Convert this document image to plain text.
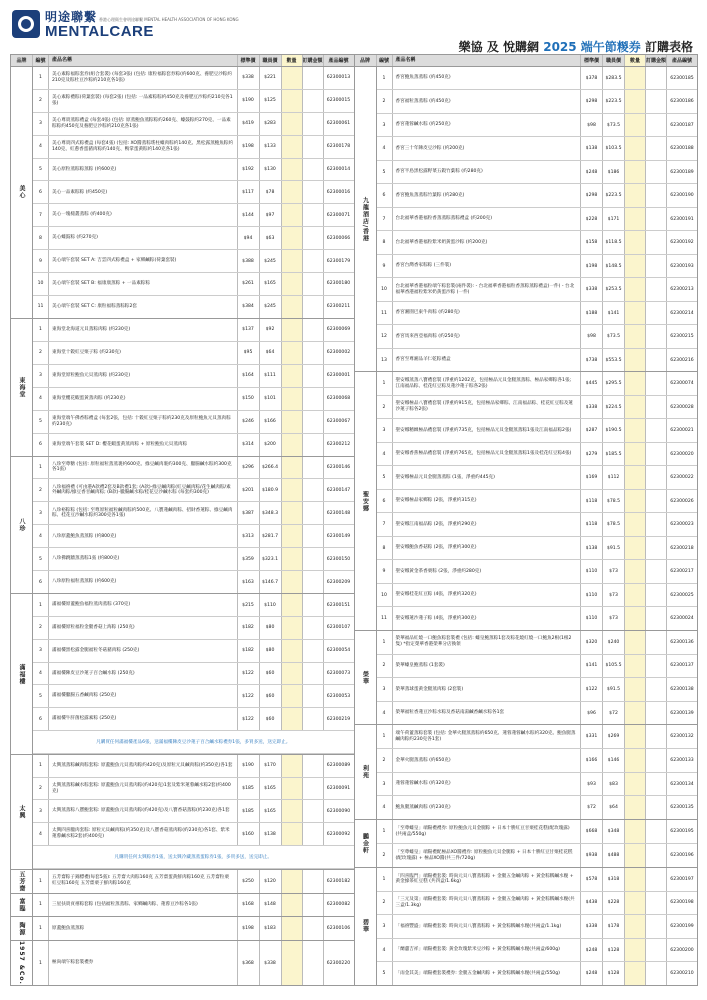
明途聯繫 香港心理衛生會明途聯繫 MENTAL HEALTH ASSOCIATION OF HONG KONG
MENTALCARE
樂協 及 悅購網 2025 端午節糉券 訂購表格
品牌	編號	產品名稱	標準價	職員價	數量	訂購金額	產品編號
美心
1
美心素粽福粽套券(組合套裝) (每套3張) (包括: 康粒福粽套券粽(約600克、養肥豆沙粽約210克及粽杜豆沙粽約210克各1張)	$338	$221	62300013
2
美心素粽禮粽(荷葉套裝) (每套2張) (包括: 一品素粽粽約450克及養肥豆沙粽約210克各1張)	$190	$125	62300015
3
美心尊貴蒸粽禮盒 (每套4張) (包括: 原蒸鮑魚蒸粽粽約260克、蠔鼓粽約270克、一品素粽粽約450克及養肥豆沙粽約210克各1張)	$419	$283	62300061
4
美心尊貴四式粽禮盒 (每套4張) (包括: XO醬蒸粽瑤柱蠔肉粽約140克、黑松露蒸鮑魚粽約140克、紅蔥香蛋豬肉粽約140克、鴨掌蛋黃粽約140克各1張)	$198	$133	62300178
5	美心原粒蒸粽粽蒸粽 (約600克)	$192	$130	62300014
6	美心一品素粽粽 (約450克)	$117	$78	62300016
7	美心一塊槌叢蒸粽 (約400克)	$144	$97	62300071
8	美心蠔鼓粽 (約270克)	$94	$63	62300066
9	美心端午套裝 SET A: 吉雲四式粽禮盒 + 家鄉鹹粽(荷葉套裝)	$388	$245	62300179
10	美心端午套裝 SET B: 福康康蒸粽 + 一品素粽粽	$261	$165	62300180
11	美心端午套裝 SET C: 康粒福粽蒸粽粽2套	$384	$245	62300211
東海堂
1	東海堂北海道元貝蒸粽肉粽 (約230克)	$137	$92	62300069
2	東海堂十穀紅豆栗子粽 (約230克)	$95	$64	62300002
3	東海堂原粒鮑魚元貝蒸肉粽 (約230克)	$164	$111	62300001
4	東海堂櫻花蝦蛋黃蒸肉粽 (約230克)	$150	$101	62300068
5
東海堂端午佛香粽禮盒 (每套2張，包括: 十穀紅豆栗子粽約230克及原粒鮑魚元貝蒸肉粽約230克)	$246	$166	62300067
6	東海堂端午套裝 SET D: 櫻花蝦蛋黃蒸肉粽 + 原粒鮑魚元貝蒸肉粽	$314	$200	62300212
八珍
1
八珍至尊糖 (包括: 原粒福粒蒸蒸裹約600克、綠豆鹹肉裹約300克、臘腸鹹水粽約300克各1張)	$296	$266.4	62300146
2
八珍福禧禮 (可由港A款禮2套及B款禮1套; (A款)-綠豆鹹肉粽(紅豆鹹肉粽/花生鹹肉粽/素外鹹肉粽/綠豆香甘鹹肉粽; (B款)-臘腸鹹水粽/桂花豆沙鹹水粽 (每套約300克)	$201	$180.9	62300147
3
八珍裕粽粽 (包括: 至尊原粒福粒鹹肉粽約500克、八寶蓮鹹肉粽、招財香蓮粽、綠豆鹹肉粽、桂花豆沙鹹水粽約300克各1張)	$387	$348.3	62300148
4	八珍原蓋鮑魚蒸蒸粽 (約800克)	$313	$281.7	62300149
5	八珍佛跳牆蒸蒸粽1張 (約800克)	$359	$323.1	62300150
6	八珍原粒福粒蒸蒸粽 (約600克)	$163	$146.7	62300209
滿福樓
1	滿福樓原蓋鮑魚福粒蒸肉蒸粽 (370克)	$215	$110	62300151
2	滿福樓原粒福粒金腿香菇上海粽 (250克)	$182	$80	62300107
3	滿福樓黑松露金腿福粒冬菇豬肉粽 (250克)	$182	$80	62300054
4	滿福樓陳皮豆沙蓮子百合鹹水粽 (250克)	$122	$60	62300073
5	滿福樓臘腸五香鹹肉粽 (250克)	$122	$60	62300053
6	滿福樓牛肝菌松露素粽 (250克)	$122	$60	62300219
凡購買任何滿福樓產品6張，送滿福樓陳皮豆沙蓮子百合鹹水粽禮券1張，多買多送，送完即止。
太興
1	太興蒸蒸粽鹹肉粽套粽: 原蓋鮑魚元貝蒸肉粽約420克)及原粒元貝鹹肉粽(約350克)各1套	$190	$170	62300089
2
太興蒸蒸粽鹹水粽套粽: 原蓋鮑魚元貝蒸肉粽(約420克)1套及紫米蓮蓉鹹水粽2套(約400克)	$185	$165	62300091
3	太興蒸蒸粽八寶鮑套粽: 原蓋鮑魚元貝蒸肉粽(約420克)及八寶香菇蒸粽(約230克)各1套	$185	$165	62300090
4
太興四喜臘肉套粽: 原粒元貝鹹肉粽(約350克)及八寶香菇蒸肉粽(約230克)各1套、紫米蓮蓉鹹水粽2套(約400克)	$160	$138	62300092
凡購買任何太興粽券1張，送太興冷藏蒸蒸蛋粽券1張，多買多送，送完即止。
五芳齋	1
五芳齋粽子錦標禮(每套5張): 五芳齋大肉粽160克 五芳齋蛋黃鮮肉粽160克 五芳齋粒栗紅豆粽160克 五芳齋栗子鮮肉粽160克	$250	$120	62300182
富臨	1	三星扶貴貢禧粽套粽 (包括福粒蒸蒸粽、家鄉鹹肉粽、蓮蓉豆沙粽各1張)	$168	$148	62300082
陶源	1	原蓋鮑魚蒸蒸粽	$198	$183	62300106
1957 &Co.	1	極尚端午粽套裝禮券	$368	$338	62300220
品牌	編號	產品名稱	標準價	職員價	數量	訂購金額	產品編號
九龍酒店/香港
1	香宮鮑魚蒸蒸粽 (約450克)	$378	$283.5	62300185
2	香宮福粒蒸蒸粽 (約450克)	$298	$223.5	62300186
3	香宮蓮蓉鹹水粽 (約250克)	$98	$73.5	62300187
4	香宮三十年陳皮豆沙粽 (約200克)	$138	$103.5	62300188
5	香宮半島黑松露野菜五穀竹葉粽 (約280克)	$248	$186	62300189
6	香宮鮑魚蒸蒸粽竹葉粽 (約280克)	$298	$223.5	62300190
7	台北福華香港福粒香蒸蒸粽蒸粽禮盒 (約200克)	$228	$171	62300191
8	台北福華香港福粒紫米奶黃蛋沙粽 (約200克)	$158	$118.5	62300192
9	香宮台灣香家粽粽 (三件裝)	$198	$148.5	62300193
10
台北福華香港福粒端午粽套裝(兩件裝): - 台北福華香港福粒香蒸粽蒸粽禮盒(一件) - 台北福華香港福粒紫米奶黃蛋沙粽 (一件)	$338	$253.5	62300213
11	香宮湘園巴東牛肉粽 (約280克)	$188	$141	62300214
12	香宮馬來西亞福肉粽 (約250克)	$98	$73.5	62300215
13	香宮至尊湘品羊仁乾粽禮盒	$738	$553.5	62300216
聖安娜
1
聖安娜蒸蒸八寶禮套裝 (淨重約1202克，包括極品元貝金腿蒸蒸粽、極品家鄉粽各1張；江南福品粽、桂花紅豆粽及蓮沙蓮子粽各2張)	$445	$295.5	62300074
2
聖安娜極品八寶禮套裝 (淨重約915克，包括極品家鄉粽、江南福品粽、桂花紅豆粽及蓮沙蓮子粽各2張)	$338	$224.5	62300028
3	聖安娜精緻極品禮套裝 (淨重約735克，包括極品元貝金腿蒸蒸粽1張及江南福品粽2張)	$287	$190.5	62300021
4	聖安娜香蕉極品禮套裝 (淨重約765克，包括極品元貝金腿蒸蒸粽1張及桂花紅豆粽4張)	$279	$185.5	62300020
5	聖安娜極品元貝金腿蒸蒸粽 (1張，淨重約445克)	$169	$112	62300022
6	聖安娜極品家鄉粽 (2張，淨重約315克)	$118	$78.5	62300026
7	聖安娜江南福品粽 (2張，淨重約290克)	$118	$78.5	62300023
8	聖安娜鮑魚香菇粽 (2張，淨重約300克)	$138	$91.5	62300218
9	聖安娜黃金茶香栗粽 (2張，淨重約280克)	$110	$73	62300217
10	聖安娜桂花紅豆粽 (4張，淨重約320克)	$110	$73	62300025
11	聖安娜蓮沙蓮子粽 (4張，淨重約300克)	$110	$73	62300024
榮華
1
榮華福品紅燒一口鮑魚粽套裝禮 (包括: 蠔皇鮑蒸粽1套及粽花燒紅燒一口鮑魚2根(1根2隻) *指定榮華香港榮華分店換領	$320	$240	62300136
2	榮華蠔皇鮑蒸粽 (1套裝)	$141	$105.5	62300137
3	榮華蒸球蛋黃金腿蒸肉粽 (2套裝)	$122	$91.5	62300138
4	榮華福粒香蓮豆沙粽水粽及香菇南湯鹹香鹹水粽各1套	$96	$72	62300139
利苑
1
端午荷蓋蒸粽套裝 (包括: 金華火腿蒸蒸粽約650克、蓮蓉蓮蓉鹹水粽約320克、鮑魚腿蒸鹹肉粽約230克各1套)	$331	$269	62300132
2	金華火腿蒸蒸粽 (約650克)	$166	$146	62300133
3	蓮蓉蓮蓉鹹水粽 (約320克)	$93	$83	62300134
4	鮑魚腿蒸鹹肉粽 (約230克)	$72	$64	62300135
鵬金軒
1
「至尊蠔皇」端陽禮禮券: 原粒鮑魚元貝金腿粽 + 日本十勝紅豆甘栗桂花糕(配玫瑰露) (共兩盒/550g)	$668	$348	62300195
2
「至尊蠔皇」端陽禮配極品XO醬禮券: 原粒鮑魚元貝金腿粽 + 日本十勝紅豆甘栗桂花糕(配玫瑰露) + 極品XO醬(共三件/720g)	$938	$488	62300196
碧華
1
「四喜臨門」端陽禮套裝: 時尚元貝八寶蒸粽粽 + 金腿五金鹹肉粽 + 黃金粽糯鹹水糉 + 黃金綠茶紅豆糕 (共四盒/1.6kg)	$578	$318	62300197
2
「三元及第」端陽禮套裝: 時尚元貝八寶蒸粽粽 + 金腿五金鹹肉粽 + 黃金粽糯鹹水糉(共三盒/1.3kg)	$438	$228	62300198
3	「福禧豐盛」端陽禮套裝: 時尚元貝八寶蒸粽粽 + 黃金粽糯鹹水糉(共兩盒/1.1kg)	$338	$178	62300199
4	「蘭蕙吉祥」端陽禮套裝: 黃金玫瑰紫米豆沙粽 + 黃金粽糯鹹水糉(共兩盒/600g)	$248	$128	62300200
5	「雨金其美」端陽禮套裝禮券: 金腿五金鹹肉粽 + 黃金粽糯鹹水糉(共兩盒/550g)	$248	$128	62300210
